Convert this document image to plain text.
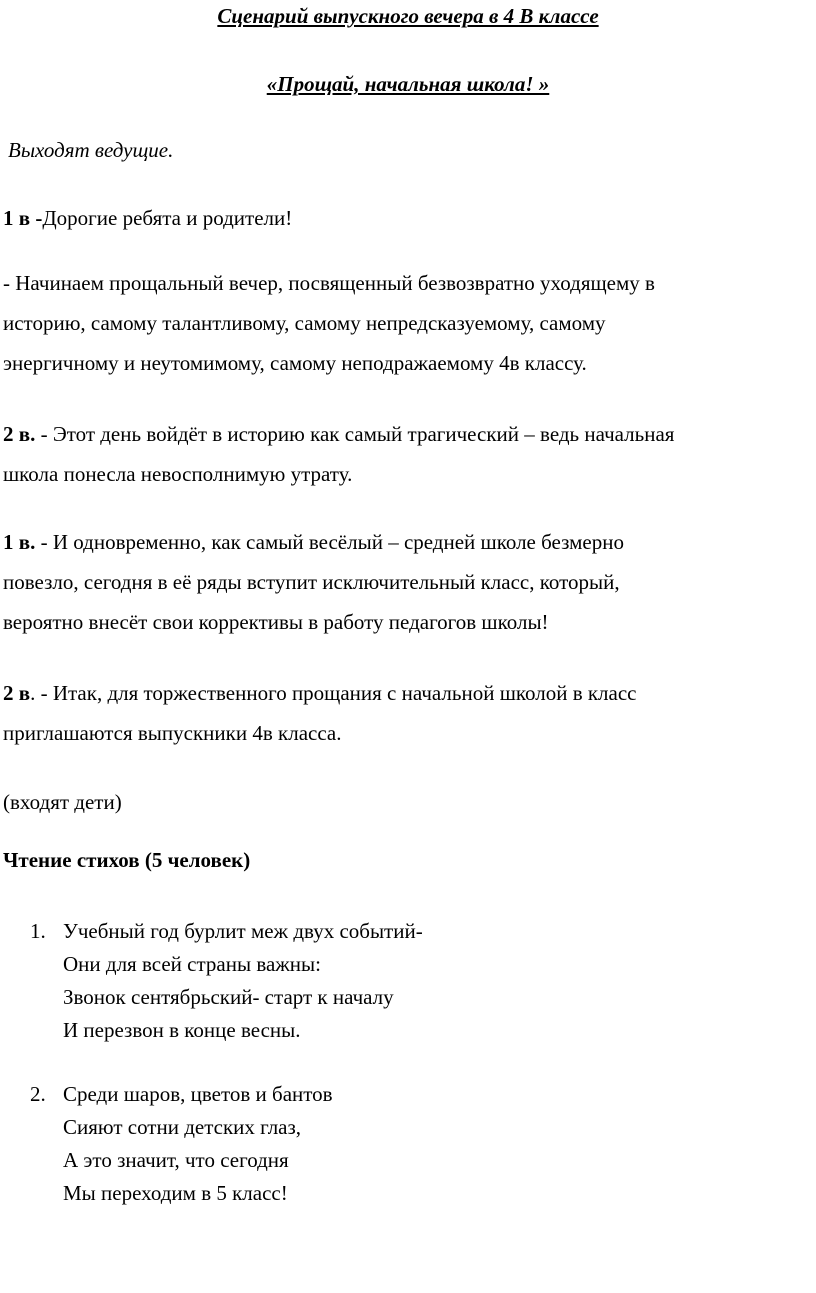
Сценарий выпускного вечера в 4 В классе
«Прощай, начальная школа! »
Выходят ведущие.
1 в -Дорогие ребята и родители!
- Начинаем прощальный вечер, посвященный безвозвратно уходящему в
историю, самому талантливому, самому непредсказуемому, самому
энергичному и неутомимому, самому неподражаемому 4в классу.
2 в. - Этот день войдёт в историю как самый трагический – ведь начальная
школа понесла невосполнимую утрату.
1 в. - И одновременно, как самый весёлый – средней школе безмерно
повезло, сегодня в её ряды вступит исключительный класс, который,
вероятно внесёт свои коррективы в работу педагогов школы!
2 в. - Итак, для торжественного прощания с начальной школой в класс
приглашаются выпускники 4в класса.
(входят дети)
Чтение стихов (5 человек)
1. Учебный год бурлит меж двух событий-
Они для всей страны важны:
Звонок сентябрьский- старт к началу
И перезвон в конце весны.
2. Среди шаров, цветов и бантов
Сияют сотни детских глаз,
А это значит, что сегодня
Мы переходим в 5 класс!
